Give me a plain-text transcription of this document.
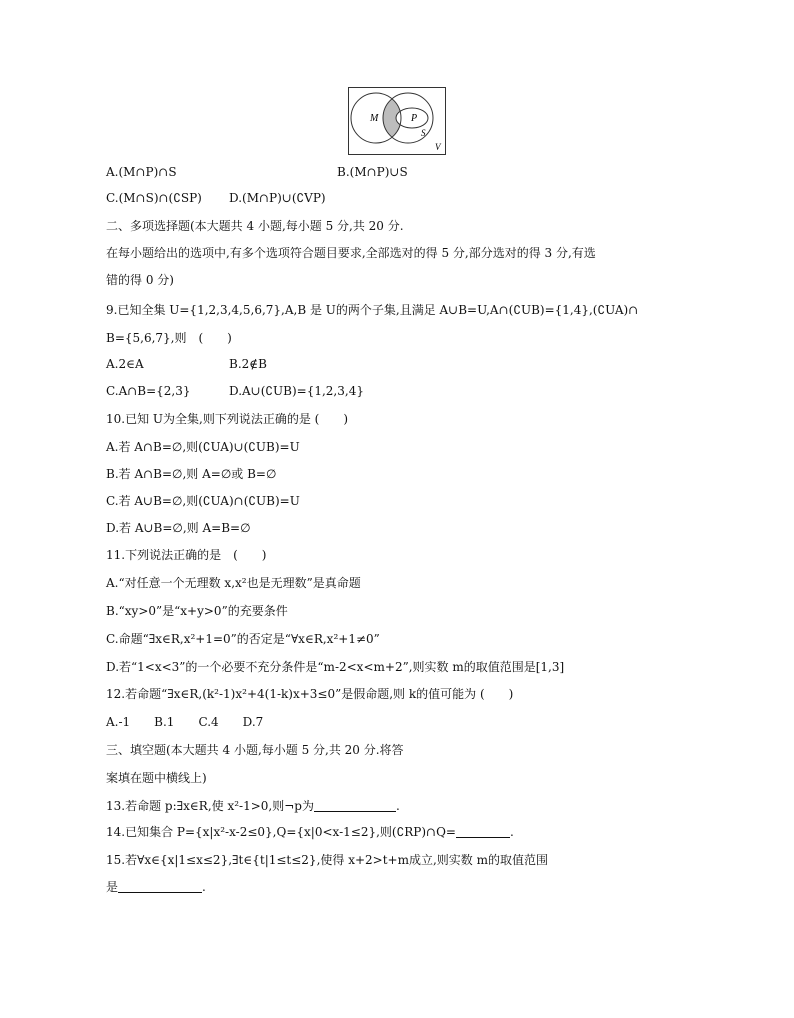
M	P
S
V
A.(M∩P)∩S	B.(M∩P)∪S
C.(M∩S)∩(∁SP) D.(M∩P)∪(∁VP)
二、多项选择题(本大题共 4 小题,每小题 5 分,共 20 分.
在每小题给出的选项中,有多个选项符合题目要求,全部选对的得 5 分,部分选对的得 3 分,有选
错的得 0 分)
9.已知全集 U={1,2,3,4,5,6,7},A,B 是 U的两个子集,且满足 A∪B=U,A∩(∁UB)={1,4},(∁UA)∩
B={5,6,7},则　(　　)
A.2∈A	B.2∉B
C.A∩B={2,3}	D.A∪(∁UB)={1,2,3,4}
10.已知 U为全集,则下列说法正确的是 (　　)
A.若 A∩B=∅,则(∁UA)∪(∁UB)=U
B.若 A∩B=∅,则 A=∅或 B=∅
C.若 A∪B=∅,则(∁UA)∩(∁UB)=U
D.若 A∪B=∅,则 A=B=∅
11.下列说法正确的是　(　　)
A.“对任意一个无理数 x,x²也是无理数”是真命题
B.“xy>0”是“x+y>0”的充要条件
C.命题“∃x∈R,x²+1=0”的否定是“∀x∈R,x²+1≠0”
D.若“1<x<3”的一个必要不充分条件是“m-2<x<m+2”,则实数 m的取值范围是[1,3]
12.若命题“∃x∈R,(k²-1)x²+4(1-k)x+3≤0”是假命题,则 k的值可能为 (　　)
A.-1　　B.1　　C.4　　D.7
三、填空题(本大题共 4 小题,每小题 5 分,共 20 分.将答
案填在题中横线上)
13.若命题 p:∃x∈R,使 x²-1>0,则¬p为	.
14.已知集合 P={x|x²-x-2≤0},Q={x|0<x-1≤2},则(∁RP)∩Q=	.
15.若∀x∈{x|1≤x≤2},∃t∈{t|1≤t≤2},使得 x+2>t+m成立,则实数 m的取值范围
是	.
